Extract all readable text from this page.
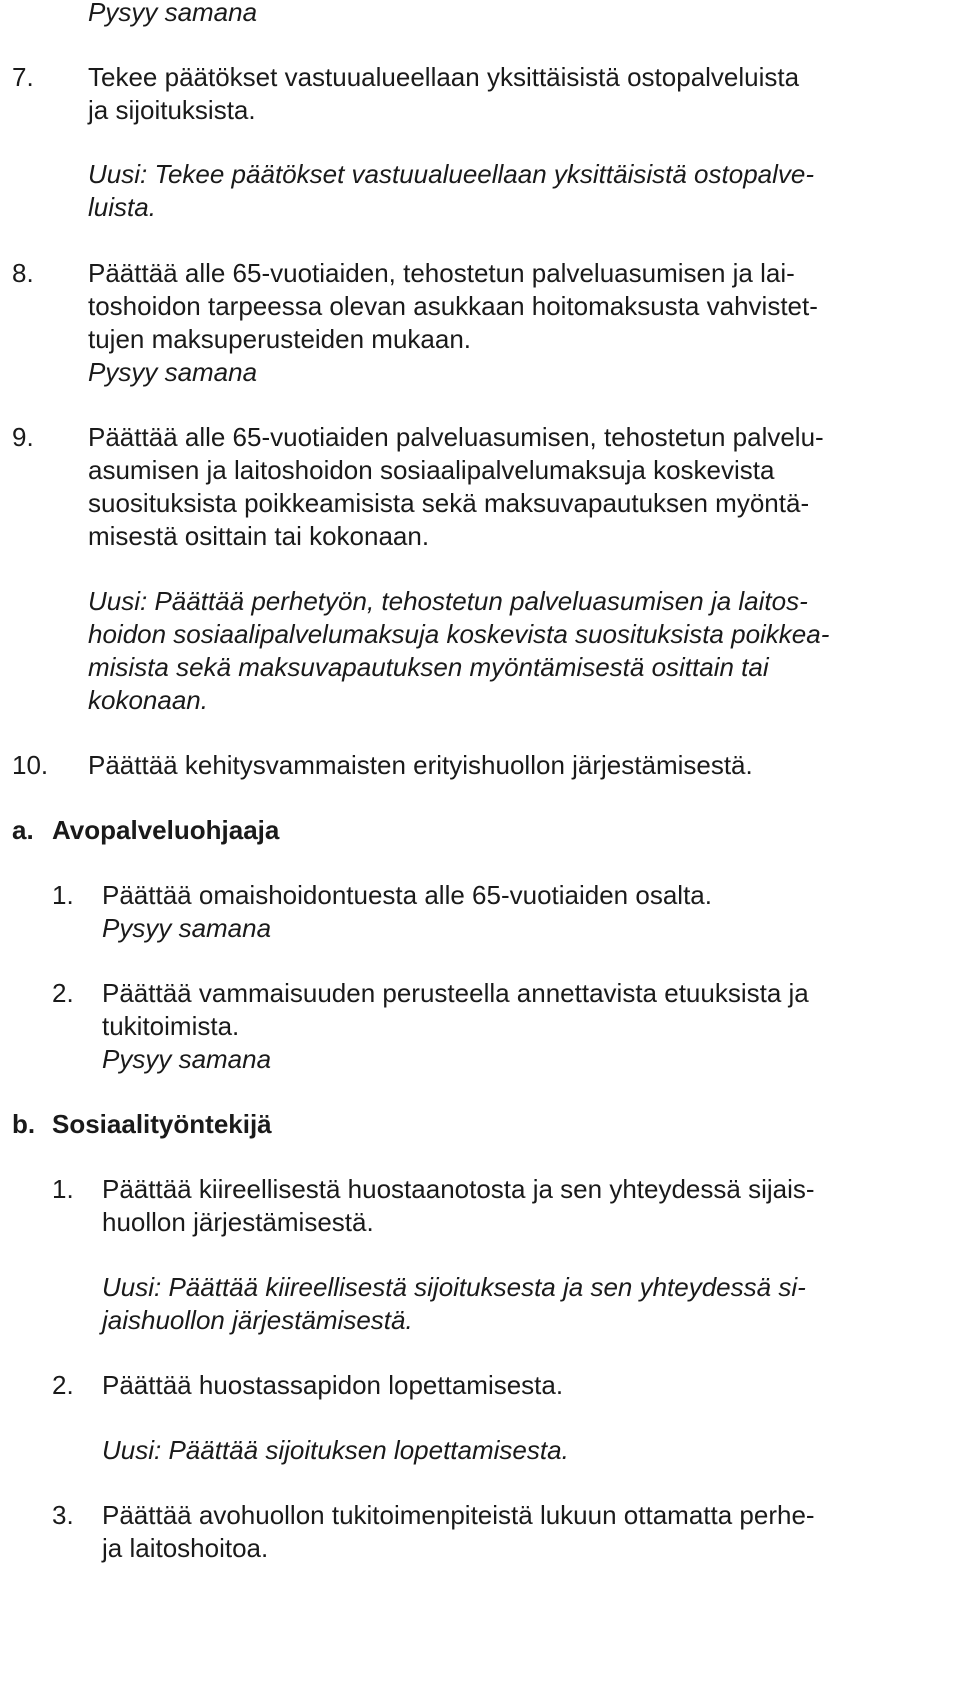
Pysyy samana
7. Tekee päätökset vastuualueellaan yksittäisistä ostopalveluista
ja sijoituksista.
Uusi: Tekee päätökset vastuualueellaan yksittäisistä ostopalve-
luista.
8. Päättää alle 65-vuotiaiden, tehostetun palveluasumisen ja lai-
toshoidon tarpeessa olevan asukkaan hoitomaksusta vahvistet-
tujen maksuperusteiden mukaan.
Pysyy samana
9. Päättää alle 65-vuotiaiden palveluasumisen, tehostetun palvelu-
asumisen ja laitoshoidon sosiaalipalvelumaksuja koskevista
suosituksista poikkeamisista sekä maksuvapautuksen myöntä-
misestä osittain tai kokonaan.
Uusi: Päättää perhetyön, tehostetun palveluasumisen ja laitos-
hoidon sosiaalipalvelumaksuja koskevista suosituksista poikkea-
misista sekä maksuvapautuksen myöntämisestä osittain tai
kokonaan.
10. Päättää kehitysvammaisten erityishuollon järjestämisestä.
a. Avopalveluohjaaja
1. Päättää omaishoidontuesta alle 65-vuotiaiden osalta.
Pysyy samana
2. Päättää vammaisuuden perusteella annettavista etuuksista ja
tukitoimista.
Pysyy samana
b. Sosiaalityöntekijä
1. Päättää kiireellisestä huostaanotosta ja sen yhteydessä sijais-
huollon järjestämisestä.
Uusi: Päättää kiireellisestä sijoituksesta ja sen yhteydessä si-
jaishuollon järjestämisestä.
2. Päättää huostassapidon lopettamisesta.
Uusi: Päättää sijoituksen lopettamisesta.
3. Päättää avohuollon tukitoimenpiteistä lukuun ottamatta perhe-
ja laitoshoitoa.
